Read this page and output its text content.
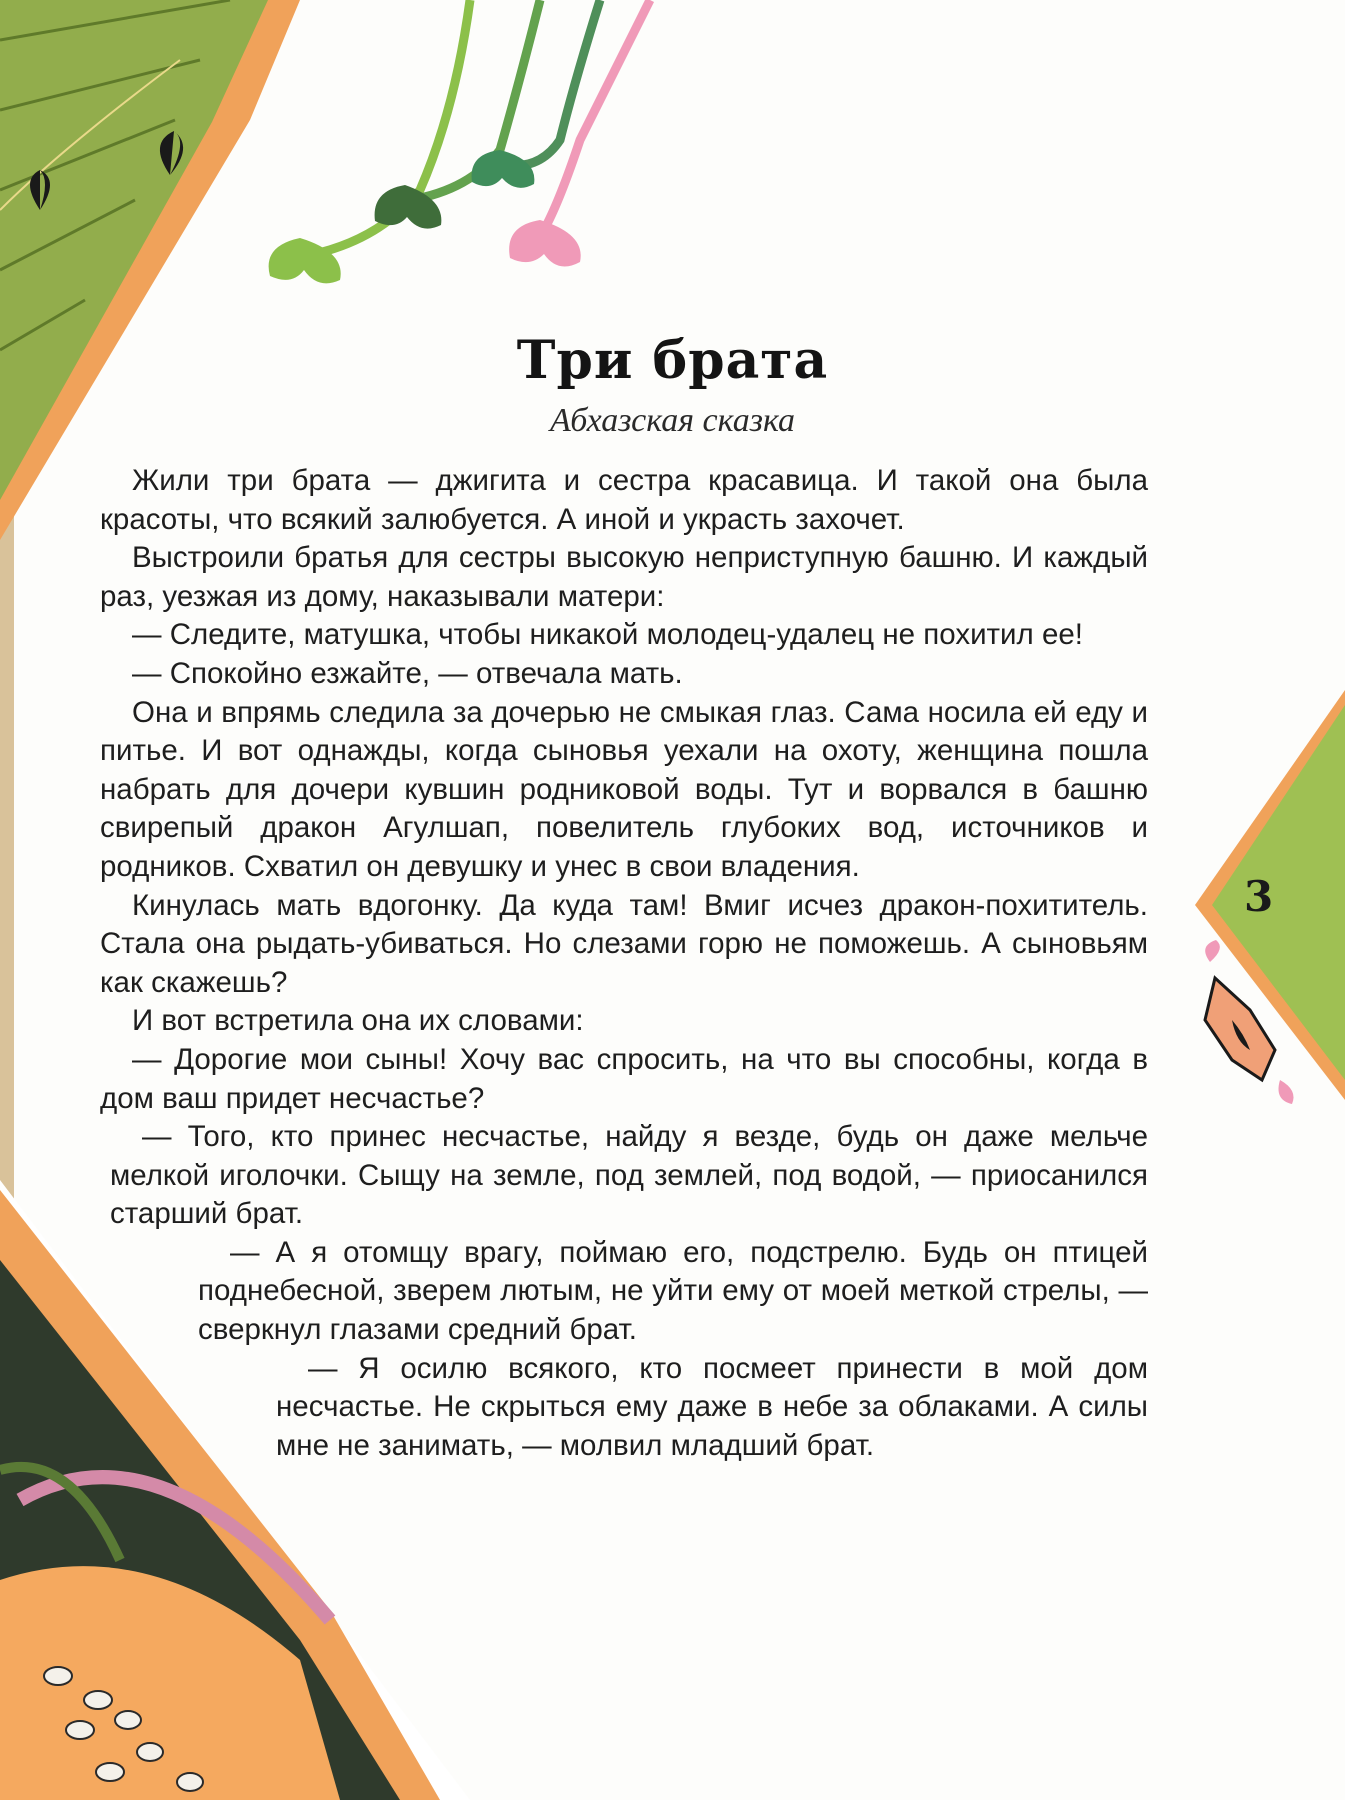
Три брата
Абхазская сказка

Жили три брата — джигита и сестра красавица. И такой она была красоты, что всякий залюбуется. А иной и украсть захочет.

Выстроили братья для сестры высокую неприступную башню. И каждый раз, уезжая из дому, наказывали матери:

— Следите, матушка, чтобы никакой молодец-удалец не похитил ее!

— Спокойно езжайте, — отвечала мать.

Она и впрямь следила за дочерью не смыкая глаз. Сама носила ей еду и питье. И вот однажды, когда сыновья уехали на охоту, женщина пошла набрать для дочери кувшин родниковой воды. Тут и ворвался в башню свирепый дракон Агулшап, повелитель глубоких вод, источников и родников. Схватил он девушку и унес в свои владения.

Кинулась мать вдогонку. Да куда там! Вмиг исчез дракон-похититель. Стала она рыдать-убиваться. Но слезами горю не поможешь. А сыновьям как скажешь?

И вот встретила она их словами:

— Дорогие мои сыны! Хочу вас спросить, на что вы способны, когда в дом ваш придет несчастье?

— Того, кто принес несчастье, найду я везде, будь он даже мельче мелкой иголочки. Сыщу на земле, под землей, под водой, — приосанился старший брат.

— А я отомщу врагу, поймаю его, подстрелю. Будь он птицей поднебесной, зверем лютым, не уйти ему от моей меткой стрелы, — сверкнул глазами средний брат.

— Я осилю всякого, кто посмеет принести в мой дом несчастье. Не скрыться ему даже в небе за облаками. А силы мне не занимать, — молвил младший брат.

3
